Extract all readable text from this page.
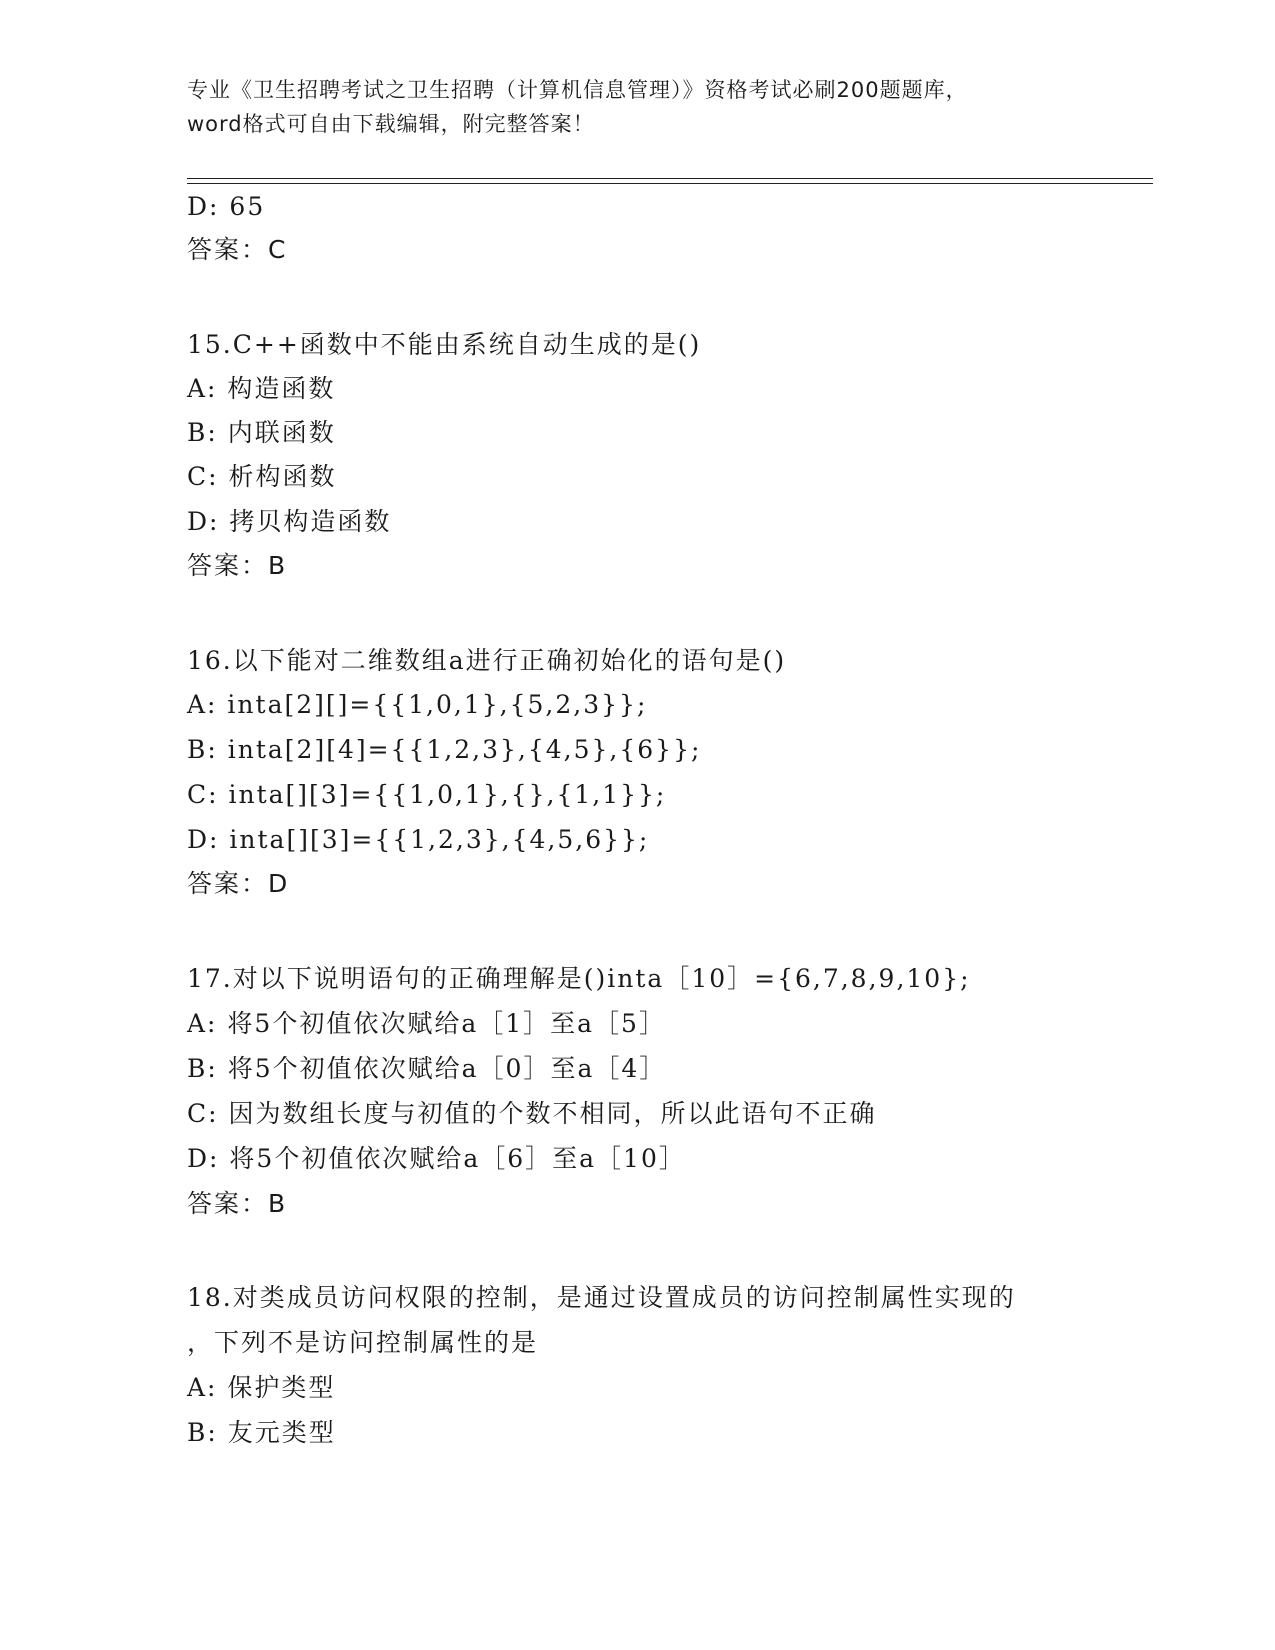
专业《卫生招聘考试之卫生招聘（计算机信息管理）》资格考试必刷200题题库，
word格式可自由下载编辑，附完整答案！
D: 65
答案：C
15.C++函数中不能由系统自动生成的是()
A: 构造函数
B: 内联函数
C: 析构函数
D: 拷贝构造函数
答案：B
16.以下能对二维数组a进行正确初始化的语句是()
A: inta[2][]={{1,0,1},{5,2,3}};
B: inta[2][4]={{1,2,3},{4,5},{6}};
C: inta[][3]={{1,0,1},{},{1,1}};
D: inta[][3]={{1,2,3},{4,5,6}};
答案：D
17.对以下说明语句的正确理解是()inta［10］={6,7,8,9,10};
A: 将5个初值依次赋给a［1］至a［5］
B: 将5个初值依次赋给a［0］至a［4］
C: 因为数组长度与初值的个数不相同，所以此语句不正确
D: 将5个初值依次赋给a［6］至a［10］
答案：B
18.对类成员访问权限的控制，是通过设置成员的访问控制属性实现的
，下列不是访问控制属性的是
A: 保护类型
B: 友元类型
